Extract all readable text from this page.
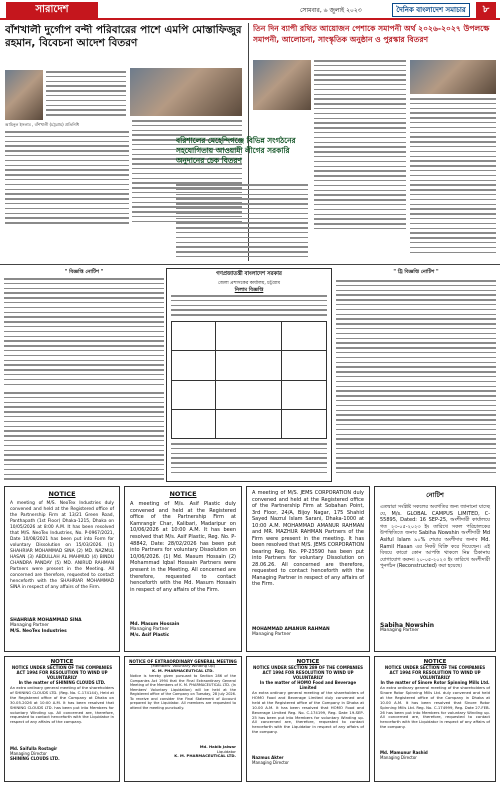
সারাদেশ	সোমবার, ৬ জুলাই ২০২৩	দৈনিক বাংলাদেশ সমাচার	৮
বাঁশখালী দুর্গোপ বন্দী পরিবারের পাশে এমপি মোস্তাফিজুর রহমান, বিবেচনা আদেশ বিতরণ
আমিনুল ইসলাম , বাঁশখালী (চট্টগ্রাম) প্রতিনিধি
তিন দিন ব্যাপী রথিত আয়োজন পেশাকে সমাপনী অর্থ ২০২৬-২০২৭ উপলক্ষে সমাপনী, আলোচনা, সাংস্কৃতিক অনুষ্ঠান ও পুরস্কার বিতরণ
বরিশালের মেহেন্দিগঞ্জে বিভিন্ন সংগঠনের সহযোগিতায় আওয়ামী লীগের সরকারি অনুদানের চেক বিতরণ
" বিজ্ঞপ্তি নোটিশ "	গণপ্রজাতন্ত্রী বাংলাদেশ সরকার
জেলা প্রশাসকের কার্যালয়, চট্টগ্রাম
নিলাম বিজ্ঞপ্তি

" ট্রি বিজ্ঞপ্তি নোটিশ "
NOTICE
A meeting of M/S. NeoTex Industries duly convened and held at the Registered office of the Partnership Firm at 13/21 Green Road, Panthapath (1st Floor) Dhaka-1215, Dhaka on 10/05/2026 at 8:00 A.M. It has been resolved that M/S. NeoTex Industries, No. P-0967/2021, Date 10/08/2021 has been put into Form for voluntary Dissolution on 15/03/2026. (1) SHAHRIAR MOHAMMAD SINA (2) MD. NAZMUL HASAN (3) ABDULLAH AL MAHMUD (4) BINDU CHANDRA PANDAY (5) MD. ANIRUD RAHMAN Partners were present in the Meeting. All concerned are therefore, requested to contact henceforth with the SHAHRIAR MOHAMMAD SINA in respect of any affairs of the Firm.
SHAHRIAR MOHAMMAD SINA
Managing Partner
M/S. NeoTex Industries
NOTICE
A meeting of M/s. Asif Plastic duly convened and held at the Registered office of the Partnership Firm at Kamrangir Char, Kalibari, Madaripur on 10/06/2026 at 10:00 A.M. It has been resolved that M/s. Asif Plastic, Reg. No. P-48842, Date: 28/02/2026 has been put into Partners for voluntary Dissolution on 10/06/2026. (1) Md. Masum Hossain (2) Mohammad Iqbal Hossain Partners were present in the Meeting. All concerned are therefore, requested to contact henceforth with the Md. Masum Hossain in respect of any affairs of the Firm.
Md. Masum Hossain
Managing Partner
M/s. Asif Plastic
A meeting of M/S. JEMS CORPORATION duly convened and held at the Registered office of the Partnership Firm at Sobahan Point, 3rd Floor, 24/A, Bijoy Nagar, 175 Shahid Sayed Nazrul Islam Sarani, Dhaka-1000 at 10:00 A.M. MOHAMMAD AMANUR RAHMAN and MR. MAZHUR RAHMAN Partners of the Firm were present in the meeting. It has been resolved that M/S. JEMS CORPORATION bearing Reg. No. PP-23590 has been put into Partners for voluntary Dissolution on 28.06.26. All concerned are therefore, requested to contact henceforth with the Managing Partner in respect of any affairs of the Firm.
MOHAMMAD AMANUR RAHMAN
Managing Partner
নোটিশ
এতদ্বারা সংশ্লিষ্ট সকলের অবগতির জন্য জানানো যাচ্ছে যে, M/s. GLOBAL CAMPUS LIMITED, C-55895, Dated: 16 SEP-25, অংশীদারী কার্যালয়ে গত ২৩-০৫-২০২৩ ইং তারিখে সকল পরিচালকের উপস্থিতিতে জনাব Sabiha Nowshin অংশীদারী Md Asiful Islam ৯০% শেয়ার অংশীদার জনাব Md. Ramil Hasan এর নিকট বিক্রি করে দিয়েছেন। এই বিষয়ে কারো কোন আপত্তি থাকলে নিম্ন ঠিকানায় যোগাযোগ করুন। ২০-০৫-২০২৩ ইং তারিখে অংশীদারী পুনর্গঠন (Reconstructed) করা হয়েছে।
Sabiha Nowshin
Managing Partner
NOTICE
NOTICE UNDER SECTION OF THE COMPANIES ACT 1994 FOR RESOLUTION TO WIND UP VOLUNTARILY
In the matter of SHINING CLOUDS LTD.
An extra ordinary general meeting of the shareholders of SHINING CLOUDS LTD. (Reg. No. C-174144), Held at the Registered office of the Company at Dhaka on 30.05.2026 at 10:00 A.M. It has been resolved that SHINING CLOUDS LTD. has been put into Members for voluntary Winding up. All concerned are, therefore, requested to contact henceforth with the Liquidator in respect of any affairs of the company.
Md. Saifulla Rostagir
Managing Director
SHINING CLOUDS LTD.
NOTICE OF EXTRAORDINARY GENERAL MEETING
(Members' Voluntary Winding Up)
K. M. PHARMACEUTICAL LTD.
Notice is hereby given pursuant to Section 286 of the Companies Act 1994 that the Final Extraordinary General Meeting of the Members of K. M. PHARMACEUTICAL LTD. (In Members' Voluntary Liquidation) will be held at the Registered office of the Company on Tuesday, 28 July 2026. To receive and consider the Final Statement of Account prepared by the Liquidator. All members are requested to attend the meeting punctually.
Md. Habib Jalwar
Liquidator
K. M. PHARMACEUTICAL LTD.
NOTICE
NOTICE UNDER SECTION 289 OF THE COMPANIES ACT 1994 FOR RESOLUTION TO WIND UP VOLUNTARILY
In the matter of HOMO Food and Beverage Limited
An extra ordinary general meeting of the shareholders of HOMO Food and Beverage Limited duly convened and held at the Registered office of the Company in Dhaka at 10.00 A.M. It has been resolved that HOMO Food and Beverage Limited Reg. No. C-174199, Reg. Date 19-SEP-25 has been put into Members for voluntary Winding up. All concerned are, therefore, requested to contact henceforth with the Liquidator in respect of any affairs of the company.
Nazmus Akter
Managing Director
NOTICE
NOTICE UNDER SECTION OF THE COMPANIES ACT 1994 FOR RESOLUTION TO WIND UP VOLUNTARILY
In the matter of Sinore Rotor Spinning Mills Ltd.
An extra ordinary general meeting of the shareholders of Sinore Rotor Spinning Mills Ltd. duly convened and held at the Registered office of the Company in Dhaka at 10.00 A.M. It has been resolved that Sinore Rotor Spinning Mills Ltd. Reg. No. C-174999, Reg. Date 27-FEB-26 has been put into Members for voluntary Winding up. All concerned are, therefore, requested to contact henceforth with the Liquidator in respect of any affairs of the company.
Md. Mamunur Rashid
Managing Director
